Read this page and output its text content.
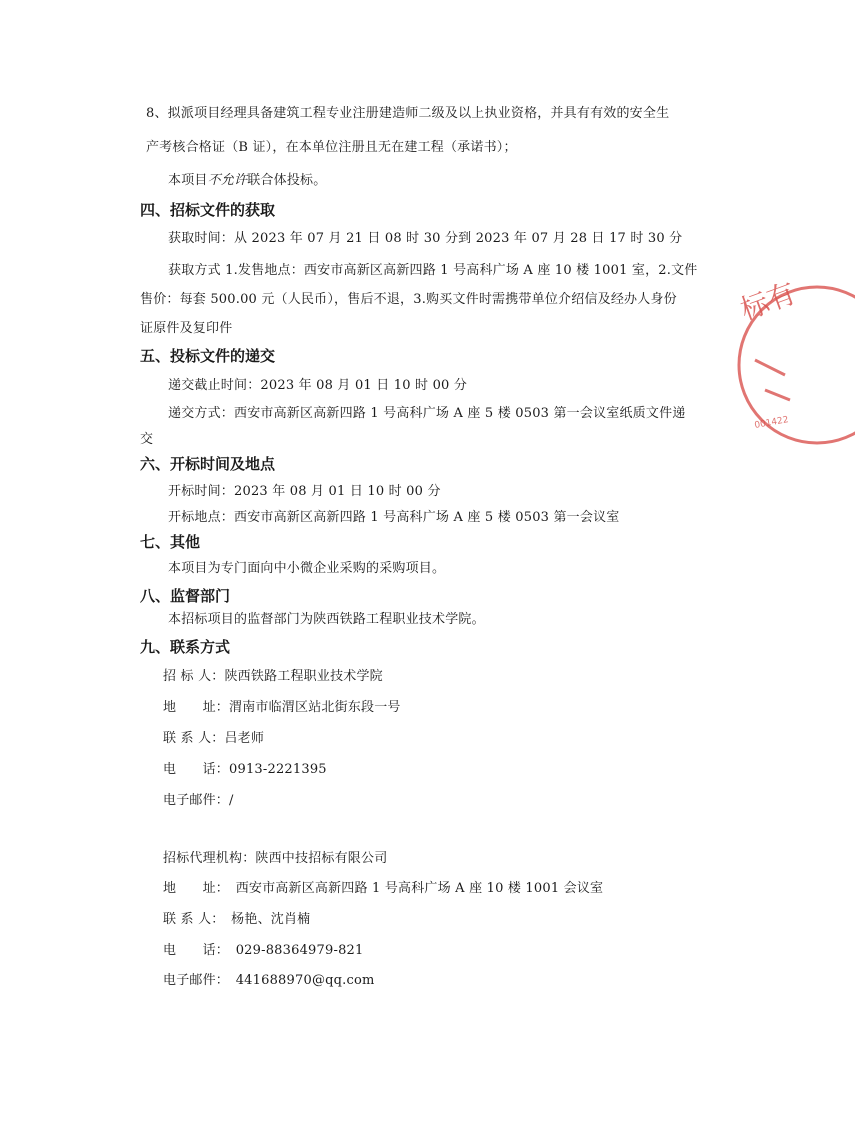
8、拟派项目经理具备建筑工程专业注册建造师二级及以上执业资格，并具有有效的安全生
产考核合格证（B 证），在本单位注册且无在建工程（承诺书）；
本项目不允许联合体投标。
四、招标文件的获取
获取时间：从 2023 年 07 月 21 日 08 时 30 分到 2023 年 07 月 28 日 17 时 30 分
获取方式 1.发售地点：西安市高新区高新四路 1 号高科广场 A 座 10 楼 1001 室，2.文件
售价：每套 500.00 元（人民币），售后不退，3.购买文件时需携带单位介绍信及经办人身份
证原件及复印件
五、投标文件的递交
递交截止时间：2023 年 08 月 01 日 10 时 00 分
递交方式：西安市高新区高新四路 1 号高科广场 A 座 5 楼 0503 第一会议室纸质文件递
交
六、开标时间及地点
开标时间：2023 年 08 月 01 日 10 时 00 分
开标地点：西安市高新区高新四路 1 号高科广场 A 座 5 楼 0503 第一会议室
七、其他
本项目为专门面向中小微企业采购的采购项目。
八、监督部门
本招标项目的监督部门为陕西铁路工程职业技术学院。
九、联系方式
招 标 人：陕西铁路工程职业技术学院
地　　址：渭南市临渭区站北街东段一号
联 系 人：吕老师
电　　话：0913-2221395
电子邮件：/
招标代理机构：陕西中技招标有限公司
地　　址：　西安市高新区高新四路 1 号高科广场 A 座 10 楼 1001 会议室
联 系 人：　杨艳、沈肖楠
电　　话：　029-88364979-821
电子邮件：　441688970@qq.com
标有
001422
